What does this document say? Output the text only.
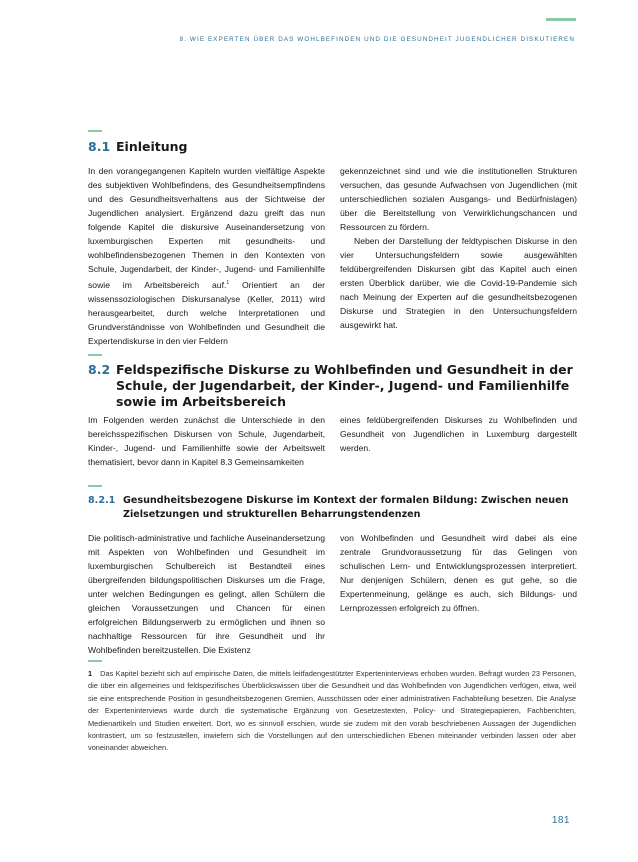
8. WIE EXPERTEN ÜBER DAS WOHLBEFINDEN UND DIE GESUNDHEIT JUGENDLICHER DISKUTIEREN
8.1 Einleitung

In den vorangegangenen Kapiteln wurden vielfältige Aspekte des subjektiven Wohlbefindens, des Gesundheitsempfindens und des Gesundheitsverhaltens aus der Sichtweise der Jugendlichen analysiert. Ergänzend dazu greift das nun folgende Kapitel die diskursive Auseinandersetzung von luxemburgischen Experten mit gesundheits- und wohlbefindensbezogenen Themen in den Kontexten von Schule, Jugendarbeit, der Kinder-, Jugend- und Familienhilfe sowie im Arbeitsbereich auf.$^1$ Orientiert an der wissenssoziologischen Diskursanalyse (Keller, 2011) wird herausgearbeitet, durch welche Interpretationen und Grundverständnisse von Wohlbefinden und Gesundheit die Expertendiskurse in den vier Feldern

gekennzeichnet sind und wie die institutionellen Strukturen versuchen, das gesunde Aufwachsen von Jugendlichen (mit unterschiedlichen sozialen Ausgangs- und Bedürfnislagen) über die Bereitstellung von Verwirklichungschancen und Ressourcen zu fördern.

Neben der Darstellung der feldtypischen Diskurse in den vier Untersuchungsfeldern sowie ausgewählten feldübergreifenden Diskursen gibt das Kapitel auch einen ersten Überblick darüber, wie die Covid-19-Pandemie sich nach Meinung der Experten auf die gesundheitsbezogenen Diskurse und Strategien in den Untersuchungsfeldern ausgewirkt hat.

8.2 Feldspezifische Diskurse zu Wohlbefinden und Gesundheit in der
Schule, der Jugendarbeit, der Kinder-, Jugend- und Familienhilfe
sowie im Arbeitsbereich

Im Folgenden werden zunächst die Unterschiede in den bereichsspezifischen Diskursen von Schule, Jugendarbeit, Kinder-, Jugend- und Familienhilfe sowie der Arbeitswelt thematisiert, bevor dann in Kapitel 8.3 Gemeinsamkeiten

eines feldübergreifenden Diskurses zu Wohlbefinden und Gesundheit von Jugendlichen in Luxemburg dargestellt werden.

8.2.1 Gesundheitsbezogene Diskurse im Kontext der formalen Bildung: Zwischen neuen
Zielsetzungen und strukturellen Beharrungstendenzen

Die politisch-administrative und fachliche Auseinandersetzung mit Aspekten von Wohlbefinden und Gesundheit im luxemburgischen Schulbereich ist Bestandteil eines übergreifenden bildungspolitischen Diskurses um die Frage, unter welchen Bedingungen es gelingt, allen Schülern die gleichen Voraussetzungen und Chancen für einen erfolgreichen Bildungserwerb zu ermöglichen und ihnen so nachhaltige Ressourcen für ihre Gesundheit und ihr Wohlbefinden bereitzustellen. Die Existenz

von Wohlbefinden und Gesundheit wird dabei als eine zentrale Grundvoraussetzung für das Gelingen von schulischen Lern- und Entwicklungsprozessen interpretiert. Nur denjenigen Schülern, denen es gut gehe, so die Expertenmeinung, gelänge es auch, sich Bildungs- und Lernprozessen erfolgreich zu öffnen.

1 Das Kapitel bezieht sich auf empirische Daten, die mittels leitfadengestützter Experteninterviews erhoben wurden. Befragt wurden 23 Personen, die über ein allgemeines und feldspezifisches Überblickswissen über die Gesundheit und das Wohlbefinden von Jugendlichen verfügen, etwa, weil sie eine entsprechende Position in gesundheitsbezogenen Gremien, Ausschüssen oder einer administrativen Fachabteilung besetzen. Die Analyse der Experteninterviews wurde durch die systematische Ergänzung von Gesetzestexten, Policy- und Strategiepapieren, Fachberichten, Medienartikeln und Studien erweitert. Dort, wo es sinnvoll erschien, wurde sie zudem mit den vorab beschriebenen Aussagen der Jugendlichen kontrastiert, um so festzustellen, inwiefern sich die Vorstellungen auf den unterschiedlichen Ebenen miteinander verbinden lassen oder aber voneinander abweichen.
181
